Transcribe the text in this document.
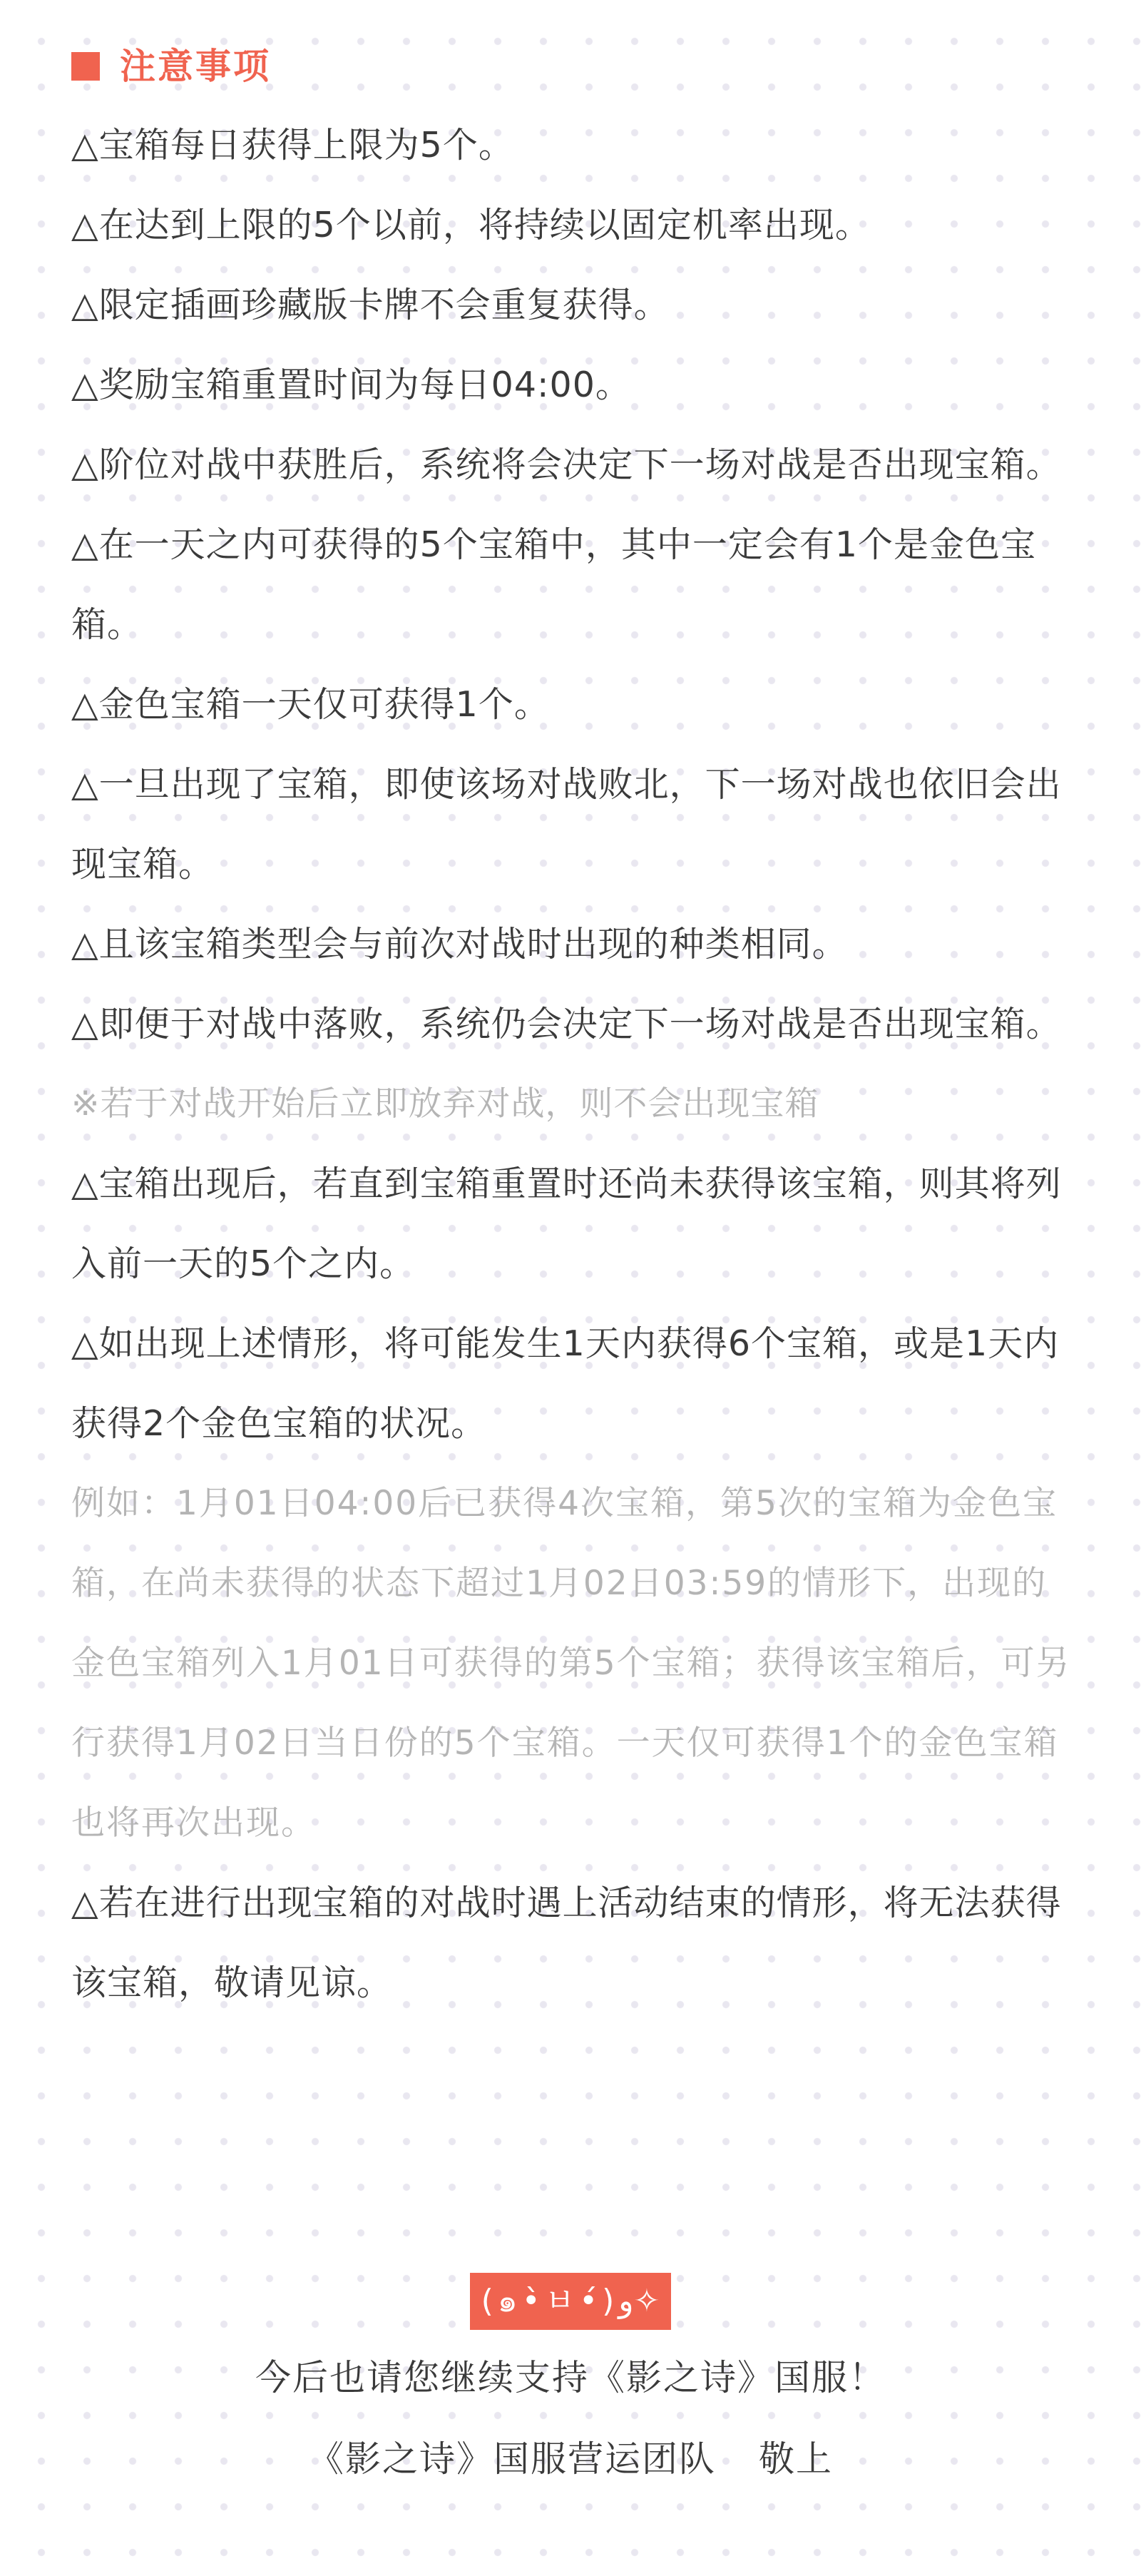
注意事项
△宝箱每日获得上限为5个。
△在达到上限的5个以前，将持续以固定机率出现。
△限定插画珍藏版卡牌不会重复获得。
△奖励宝箱重置时间为每日04:00。
△阶位对战中获胜后，系统将会决定下一场对战是否出现宝箱。
△在一天之内可获得的5个宝箱中，其中一定会有1个是金色宝箱。
△金色宝箱一天仅可获得1个。
△一旦出现了宝箱，即使该场对战败北，下一场对战也依旧会出现宝箱。
△且该宝箱类型会与前次对战时出现的种类相同。
△即便于对战中落败，系统仍会决定下一场对战是否出现宝箱。
※若于对战开始后立即放弃对战，则不会出现宝箱
△宝箱出现后，若直到宝箱重置时还尚未获得该宝箱，则其将列入前一天的5个之内。
△如出现上述情形，将可能发生1天内获得6个宝箱，或是1天内获得2个金色宝箱的状况。
例如：1月01日04:00后已获得4次宝箱，第5次的宝箱为金色宝箱，在尚未获得的状态下超过1月02日03:59的情形下，出现的金色宝箱列入1月01日可获得的第5个宝箱；获得该宝箱后，可另行获得1月02日当日份的5个宝箱。一天仅可获得1个的金色宝箱也将再次出现。
△若在进行出现宝箱的对战时遇上活动结束的情形，将无法获得该宝箱，敬请见谅。
(๑•̀ㅂ•́)و✧
今后也请您继续支持《影之诗》国服！
《影之诗》国服营运团队 敬上
